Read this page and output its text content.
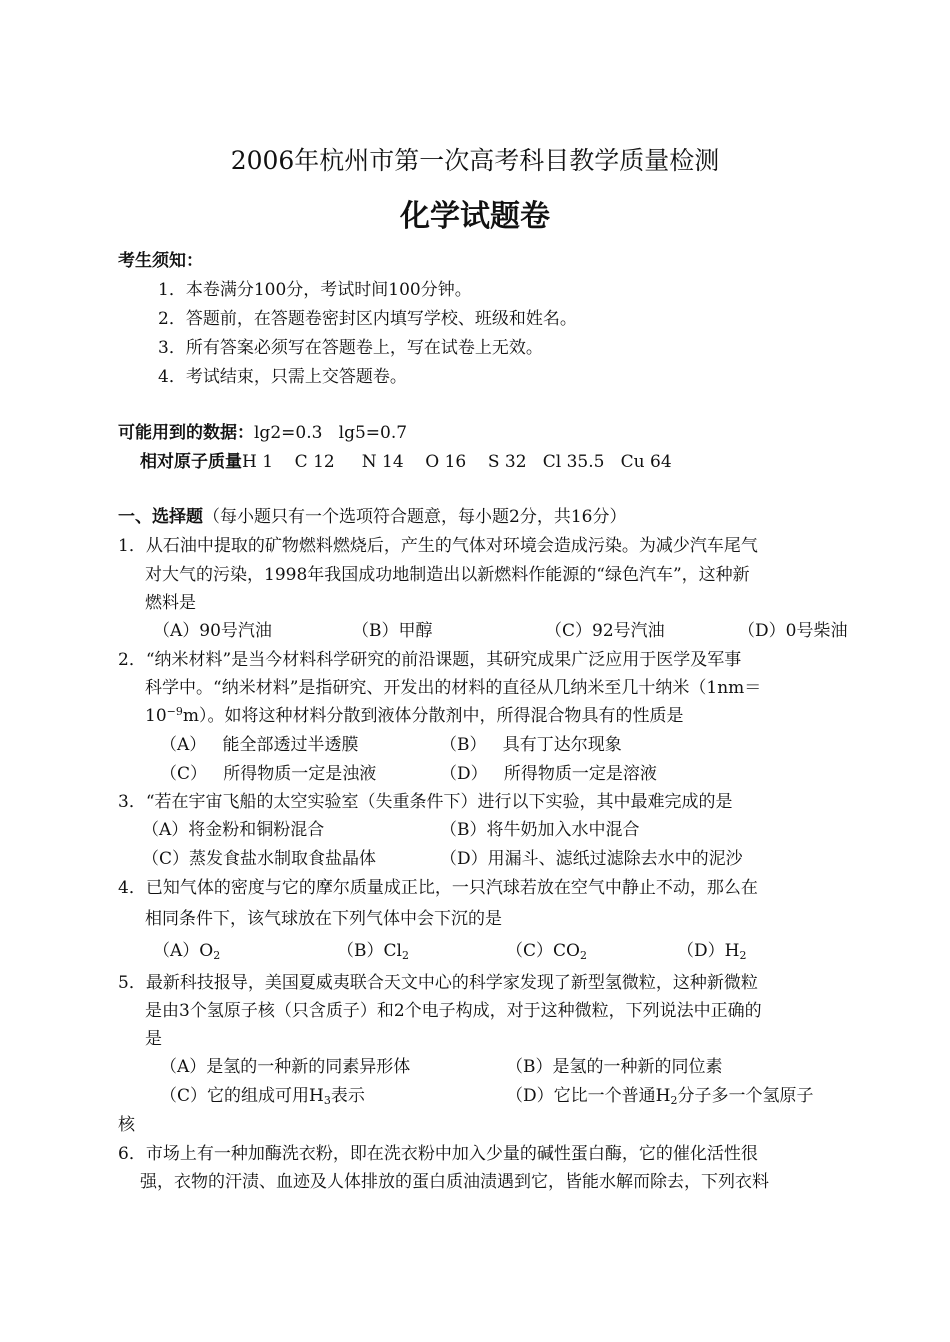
2006年杭州市第一次高考科目教学质量检测
化学试题卷
考生须知：
1．本卷满分100分，考试时间100分钟。
2．答题前，在答题卷密封区内填写学校、班级和姓名。
3．所有答案必须写在答题卷上，写在试卷上无效。
4．考试结束，只需上交答题卷。
可能用到的数据：lg2=0.3   lg5=0.7
相对原子质量H 1    C 12     N 14    O 16    S 32   Cl 35.5   Cu 64
一、选择题（每小题只有一个选项符合题意，每小题2分，共16分）
1．从石油中提取的矿物燃料燃烧后，产生的气体对环境会造成污染。为减少汽车尾气
对大气的污染，1998年我国成功地制造出以新燃料作能源的“绿色汽车”，这种新
燃料是
（A）90号汽油	（B）甲醇	（C）92号汽油	（D）0号柴油
2．“纳米材料”是当今材料科学研究的前沿课题，其研究成果广泛应用于医学及军事
科学中。“纳米材料”是指研究、开发出的材料的直径从几纳米至几十纳米（1nm＝
$10^{-9}m$）。如将这种材料分散到液体分散剂中，所得混合物具有的性质是
（A）   能全部透过半透膜	（B）   具有丁达尔现象
（C）   所得物质一定是浊液	（D）   所得物质一定是溶液
3．“若在宇宙飞船的太空实验室（失重条件下）进行以下实验，其中最难完成的是
（A）将金粉和铜粉混合	（B）将牛奶加入水中混合
（C）蒸发食盐水制取食盐晶体	（D）用漏斗、滤纸过滤除去水中的泥沙
4．已知气体的密度与它的摩尔质量成正比，一只汽球若放在空气中静止不动，那么在
相同条件下，该气球放在下列气体中会下沉的是
$(A)O_2$	$(B)Cl_2$	$(C)CO_2$	$(D)H_2$
5．最新科技报导，美国夏威夷联合天文中心的科学家发现了新型氢微粒，这种新微粒
是由3个氢原子核（只含质子）和2个电子构成，对于这种微粒，下列说法中正确的
是
（A）是氢的一种新的同素异形体	（B）是氢的一种新的同位素
（C）它的组成可用$H_3$表示	（D）它比一个普通$H_2$分子多一个氢原子
核
6．市场上有一种加酶洗衣粉，即在洗衣粉中加入少量的碱性蛋白酶，它的催化活性很
强，衣物的汗渍、血迹及人体排放的蛋白质油渍遇到它，皆能水解而除去，下列衣料
